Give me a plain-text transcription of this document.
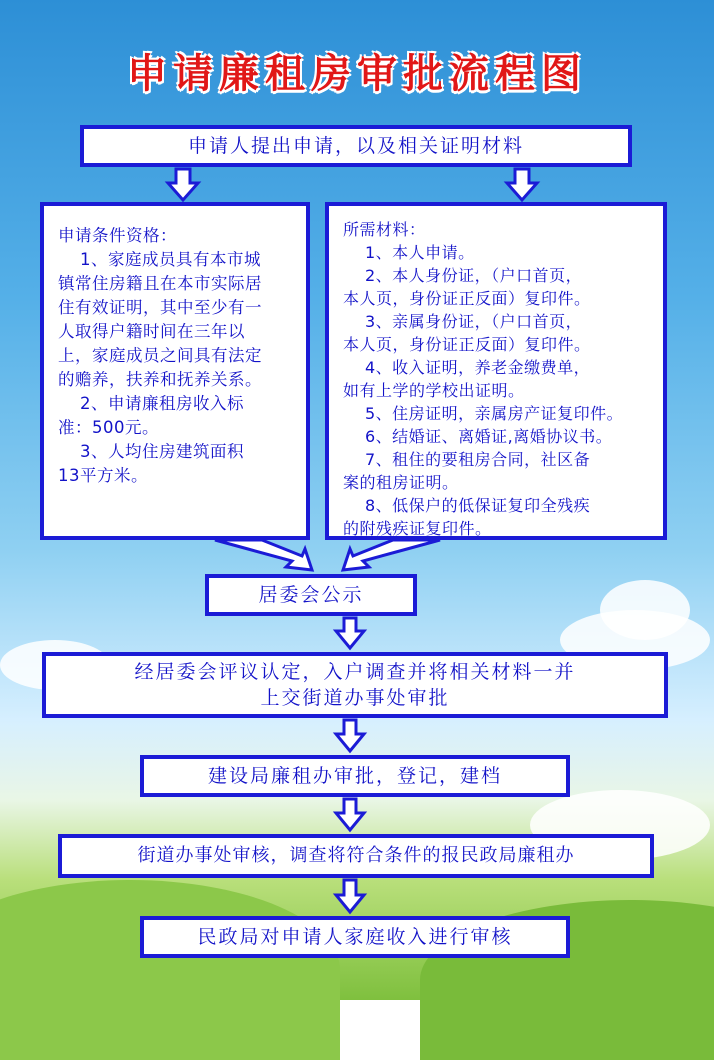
申请廉租房审批流程图
申请人提出申请，以及相关证明材料

申请条件资格：

1、家庭成员具有本市城

镇常住房籍且在本市实际居

住有效证明，其中至少有一

人取得户籍时间在三年以

上，家庭成员之间具有法定

的赡养，扶养和抚养关系。

2、申请廉租房收入标

准：500元。

3、人均住房建筑面积

13平方米。

所需材料：

1、本人申请。

2、本人身份证，（户口首页，

本人页，身份证正反面）复印件。

3、亲属身份证，（户口首页，

本人页，身份证正反面）复印件。

4、收入证明，养老金缴费单，

如有上学的学校出证明。

5、住房证明，亲属房产证复印件。

6、结婚证、离婚证,离婚协议书。

7、租住的要租房合同，社区备

案的租房证明。

8、低保户的低保证复印全残疾

的附残疾证复印件。

居委会公示
经居委会评议认定，入户调查并将相关材料一并
上交街道办事处审批
建设局廉租办审批，登记，建档
街道办事处审核，调查将符合条件的报民政局廉租办
民政局对申请人家庭收入进行审核
